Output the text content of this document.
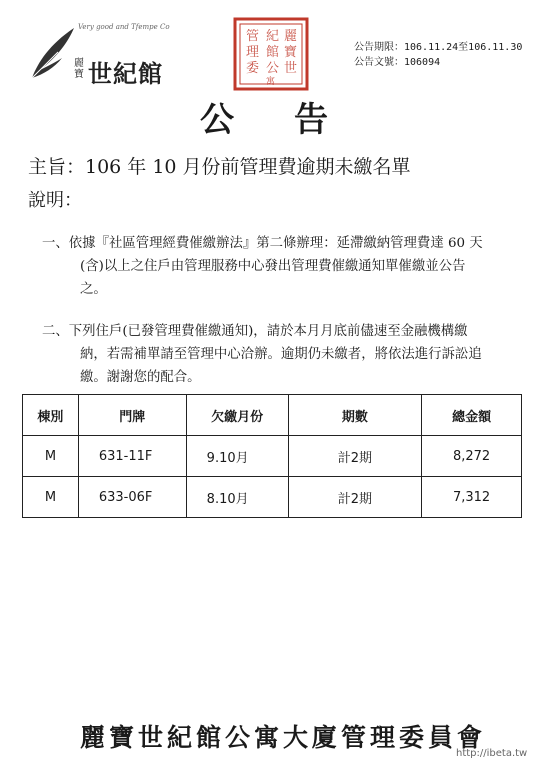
Very good and Tfempe Co
麗寶 世紀館
麗
寶
世
紀
館
公
寓
管
理
委
公告期限：106.11.24至106.11.30
公告文號：106094
公告
主旨：106 年 10 月份前管理費逾期未繳名單
說明：
一、依據『社區管理經費催繳辦法』第二條辦理：延滯繳納管理費達 60 天
(含)以上之住戶由管理服務中心發出管理費催繳通知單催繳並公告
之。
二、下列住戶(已發管理費催繳通知)，請於本月月底前儘速至金融機構繳
納，若需補單請至管理中心洽辦。逾期仍未繳者，將依法進行訴訟追
繳。謝謝您的配合。
棟別	門牌	欠繳月份	期數	總金額
M	631-11F	9.10月	計2期	8,272
M	633-06F	8.10月	計2期	7,312
麗寶世紀館公寓大廈管理委員會
http://ibeta.tw
